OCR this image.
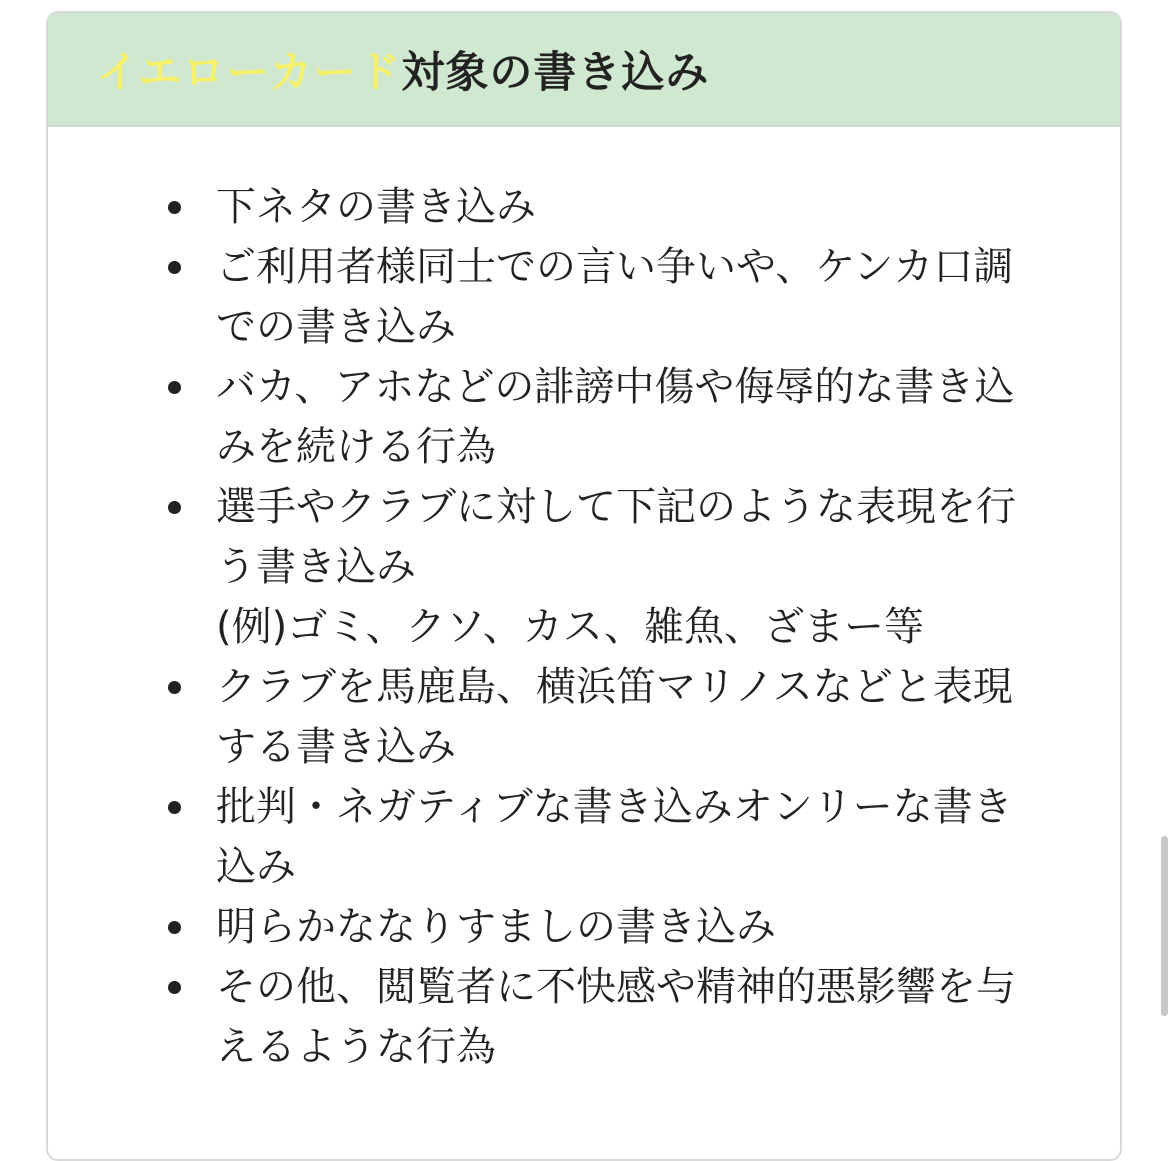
イエローカード 対象の書き込み
下ネタの書き込み
ご利用者様同士での言い争いや、ケンカ口調
での書き込み
バカ、アホなどの誹謗中傷や侮辱的な書き込
みを続ける行為
選手やクラブに対して下記のような表現を行
う書き込み
(例)ゴミ、クソ、カス、雑魚、ざまー等
クラブを馬鹿島、横浜笛マリノスなどと表現
する書き込み
批判・ネガティブな書き込みオンリーな書き
込み
明らかななりすましの書き込み
その他、閲覧者に不快感や精神的悪影響を与
えるような行為
